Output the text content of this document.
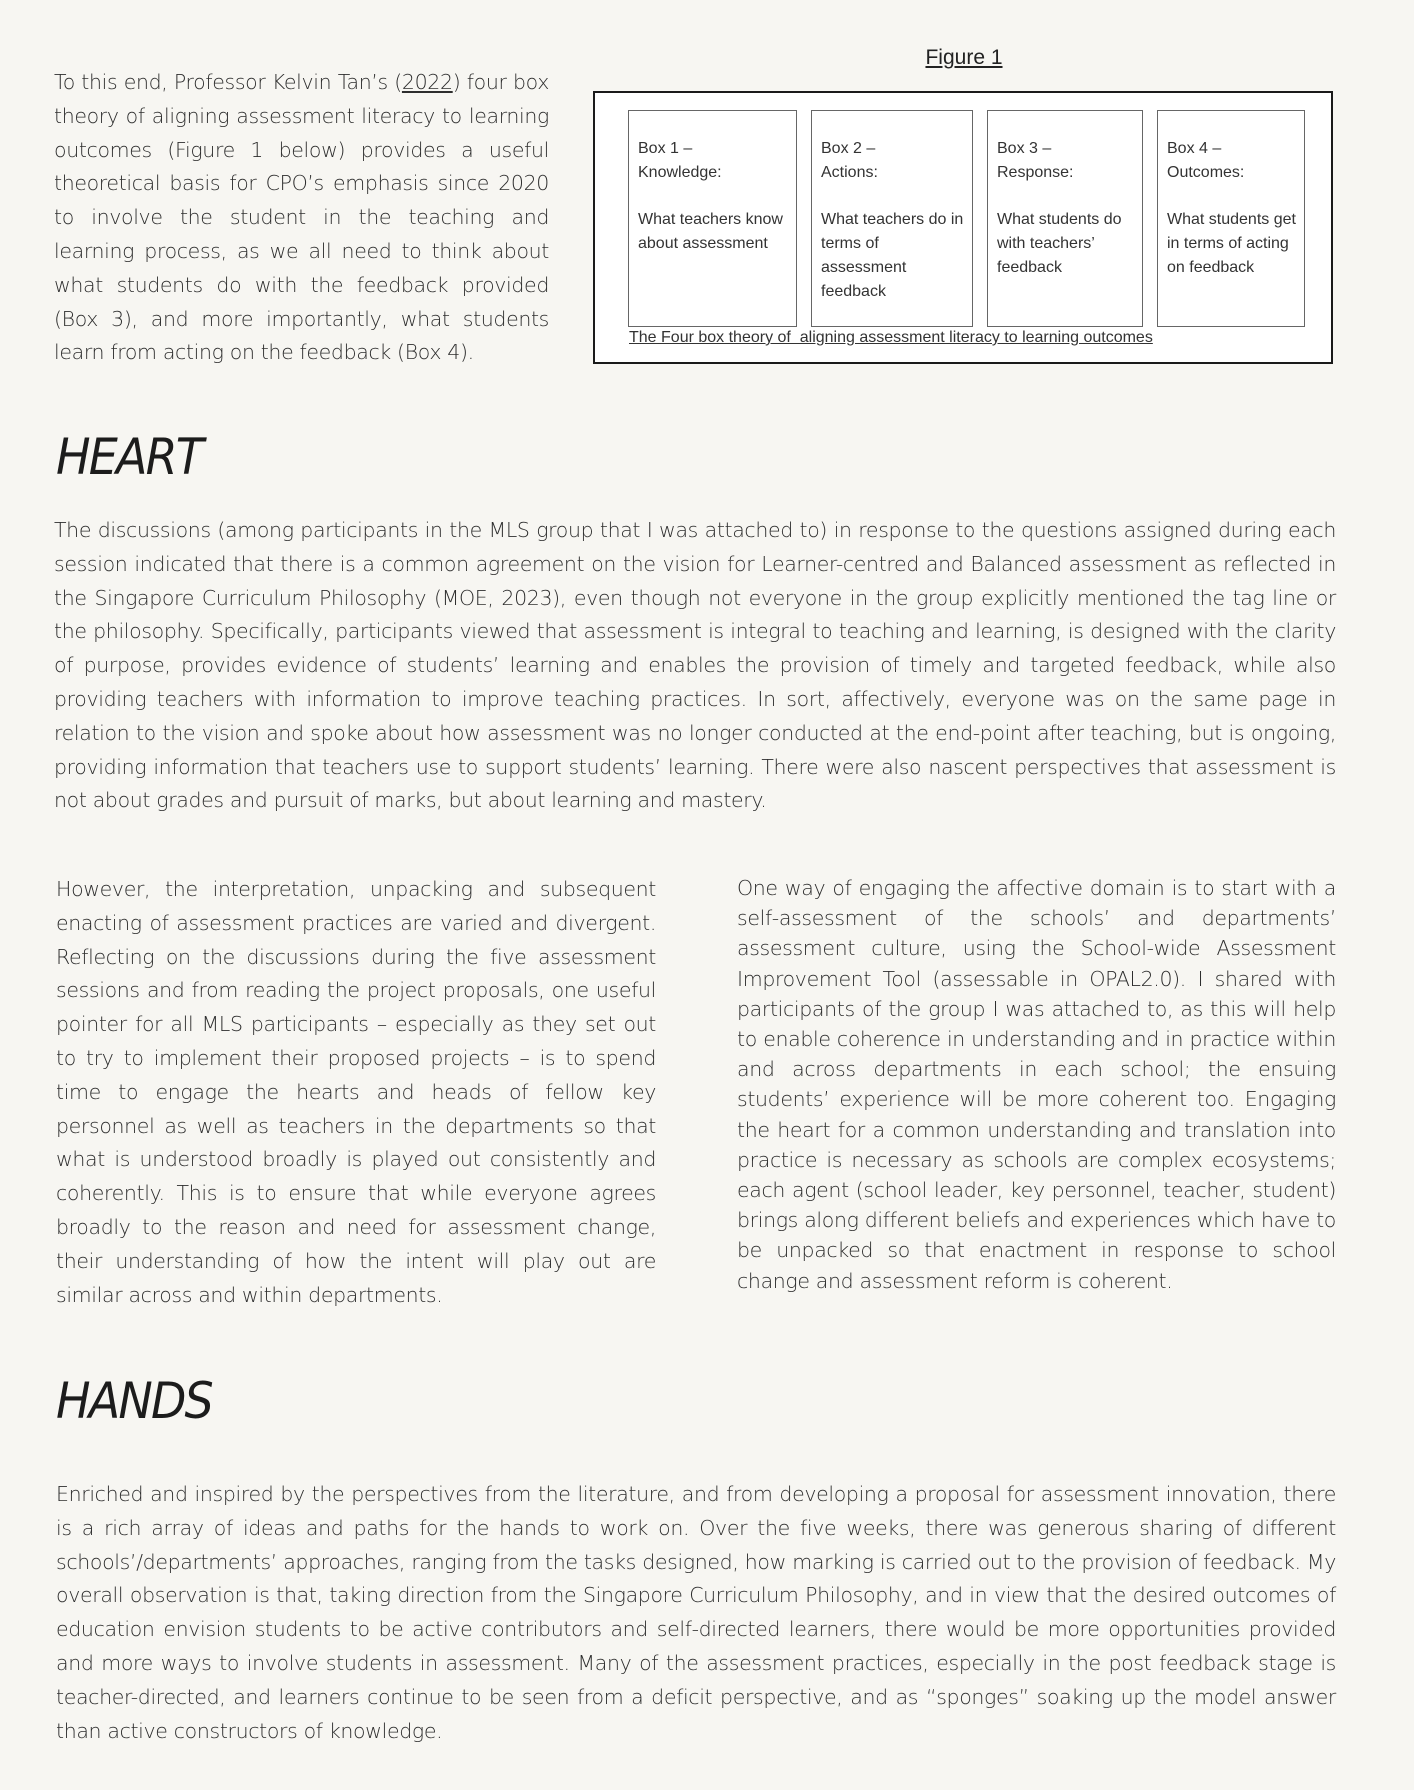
To this end, Professor Kelvin Tan’s (2022) four box theory of aligning assessment literacy to learning outcomes (Figure 1 below) provides a useful theoretical basis for CPO’s emphasis since 2020 to involve the student in the teaching and learning process, as we all need to think about what students do with the feedback provided (Box 3), and more importantly, what students learn from acting on the feedback (Box 4).

Figure 1
Box 1 –
Knowledge:
What teachers know about assessment
Box 2 –
Actions:
What teachers do in terms of assessment feedback
Box 3 –
Response:
What students do with teachers’ feedback
Box 4 –
Outcomes:
What students get in terms of acting on feedback
The Four box theory of  aligning assessment literacy to learning outcomes
HEART

The discussions (among participants in the MLS group that I was attached to) in response to the questions assigned during each session indicated that there is a common agreement on the vision for Learner-centred and Balanced assessment as reflected in the Singapore Curriculum Philosophy (MOE, 2023), even though not everyone in the group explicitly mentioned the tag line or the philosophy. Specifically, participants viewed that assessment is integral to teaching and learning, is designed with the clarity of purpose, provides evidence of students’ learning and enables the provision of timely and targeted feedback, while also providing teachers with information to improve teaching practices. In sort, affectively, everyone was on the same page in relation to the vision and spoke about how assessment was no longer conducted at the end-point after teaching, but is ongoing, providing information that teachers use to support students’ learning. There were also nascent perspectives that assessment is not about grades and pursuit of marks, but about learning and mastery.

However, the interpretation, unpacking and subsequent enacting of assessment practices are varied and divergent. Reflecting on the discussions during the five assessment sessions and from reading the project proposals, one useful pointer for all MLS participants – especially as they set out to try to implement their proposed projects – is to spend time to engage the hearts and heads of fellow key personnel as well as teachers in the departments so that what is understood broadly is played out consistently and coherently. This is to ensure that while everyone agrees broadly to the reason and need for assessment change, their understanding of how the intent will play out are similar across and within departments.

One way of engaging the affective domain is to start with a self-assessment of the schools’ and departments’ assessment culture, using the School-wide Assessment Improvement Tool (assessable in OPAL2.0). I shared with participants of the group I was attached to, as this will help to enable coherence in understanding and in practice within and across departments in each school; the ensuing students’ experience will be more coherent too. Engaging the heart for a common understanding and translation into practice is necessary as schools are complex ecosystems; each agent (school leader, key personnel, teacher, student) brings along different beliefs and experiences which have to be unpacked so that enactment in response to school change and assessment reform is coherent.

HANDS

Enriched and inspired by the perspectives from the literature, and from developing a proposal for assessment innovation, there is a rich array of ideas and paths for the hands to work on. Over the five weeks, there was generous sharing of different schools’/departments’ approaches, ranging from the tasks designed, how marking is carried out to the provision of feedback. My overall observation is that, taking direction from the Singapore Curriculum Philosophy, and in view that the desired outcomes of education envision students to be active contributors and self-directed learners, there would be more opportunities provided and more ways to involve students in assessment. Many of the assessment practices, especially in the post feedback stage is teacher-directed, and learners continue to be seen from a deficit perspective, and as “sponges” soaking up the model answer than active constructors of knowledge.
